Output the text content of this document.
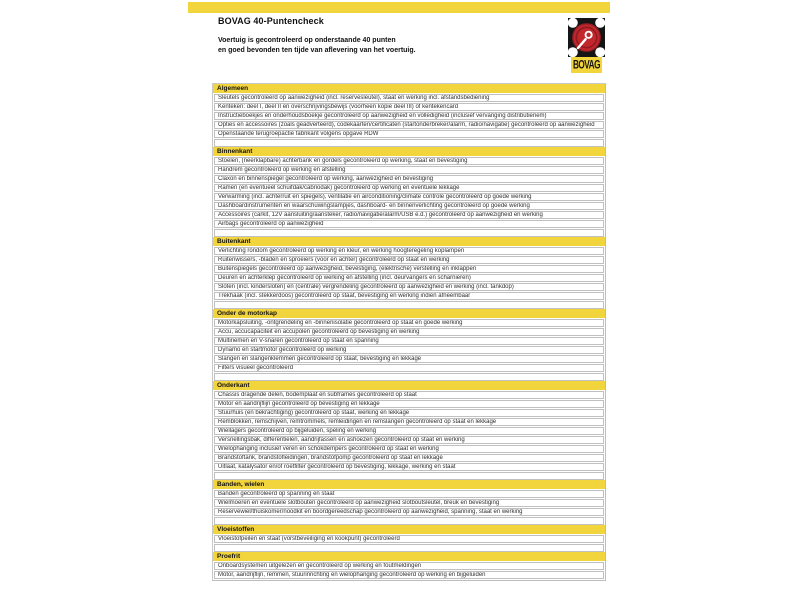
BOVAG 40-Puntencheck
Voertuig is gecontroleerd op onderstaande 40 punten
en goed bevonden ten tijde van aflevering van het voertuig.
BOVAG
Algemeen
Sleutels gecontroleerd op aanwezigheid (incl. reservesleutel), staat en werking incl. afstandsbediening
Kenteken: deel I, deel II en overschrijvingsbewijs (voorheen kopie deel III) of kentekencard
Instructieboekjes en onderhoudsboekje gecontroleerd op aanwezigheid en volledigheid (inclusief vervanging distributieriem)
Opties en accessoires (zoals geadverteerd), codekaarten/certificaten (startonderbreker/alarm, radio/navigatie) gecontroleerd op aanwezigheid
Openstaande terugroepactie fabrikant volgens opgave RDW
Binnenkant
Stoelen, (neerklapbare) achterbank en gordels gecontroleerd op werking, staat en bevestiging
Handrem gecontroleerd op werking en afstelling
Claxon en binnenspiegel gecontroleerd op werking, aanwezigheid en bevestiging
Ramen (en eventueel schuifdak/cabriodak) gecontroleerd op werking en eventuele lekkage
Verwarming (incl. achterruit en spiegels), ventilatie en airconditioning/climate controle gecontroleerd op goede werking
Dashboardinstrumenten en waarschuwingslampjes, dashboard- en binnenverlichting gecontroleerd op goede werking
Accessoires (carkit, 12V aansluiting/aansteker, radio/navigatie/alarm/USB e.d.) gecontroleerd op aanwezigheid en werking
Airbags gecontroleerd op aanwezigheid
Buitenkant
Verlichting rondom gecontroleerd op werking en kleur, en werking hoogteregeling koplampen
Ruitenwissers, -bladen en sproeiers (voor en achter) gecontroleerd op staat en werking
Buitenspiegels gecontroleerd op aanwezigheid, bevestiging, (elektrische) verstelling en inklappen
Deuren en achterklep gecontroleerd op werking en afstelling (incl. deurvangers en scharnieren)
Sloten (incl. kindersloten) en (centrale) vergrendeling gecontroleerd op aanwezigheid en werking (incl. tankdop)
Trekhaak (incl. stekkerdoos) gecontroleerd op staat, bevestiging en werking indien afneembaar
Onder de motorkap
Motorkapsluiting, -ontgrendeling en -binnenisolatie gecontroleerd op staat en goede werking
Accu, accucapaciteit en accupolen gecontroleerd op bevestiging en werking
Multiriemen en V-snaren gecontroleerd op staat en spanning
Dynamo en startmotor gecontroleerd op werking
Slangen en slangenklemmen gecontroleerd op staat, bevestiging en lekkage
Filters visueel gecontroleerd
Onderkant
Chassis dragende delen, bodemplaat en subframes gecontroleerd op staat
Motor en aandrijflijn gecontroleerd op bevestiging en lekkage
Stuurhuis (en bekrachtiging) gecontroleerd op staat, werking en lekkage
Remblokken, remschijven, remtrommels, remleidingen en remslangen gecontroleerd op staat en lekkage
Wiellagers gecontroleerd op bijgeluiden, speling en werking
Versnellingsbak, differentielen, aandrijfassen en ashoezen gecontroleerd op staat en werking
Wielophanging inclusief veren en schokdempers gecontroleerd op staat en werking
Brandstoftank, brandstofleidingen, brandstofpomp gecontroleerd op staat en lekkage
Uitlaat, katalysator en/of roetfilter gecontroleerd op bevestiging, lekkage, werking en staat
Banden, wielen
Banden gecontroleerd op spanning en staat
Wielmoeren en eventuele slotbouten gecontroleerd op aanwezigheid slotboutsleutel, breuk en bevestiging
Reservewiel/thuiskomer/noodkit en boordgereedschap gecontroleerd op aanwezigheid, spanning, staat en werking
Vloeistoffen
Vloeistofpeilen en staat (vorstbeveiliging en kookpunt) gecontroleerd
Proefrit
Onboardsystemen uitgelezen en gecontroleerd op werking en foutmeldingen
Motor, aandrijflijn, remmen, stuurinrichting en wielophanging gecontroleerd op werking en bijgeluiden
